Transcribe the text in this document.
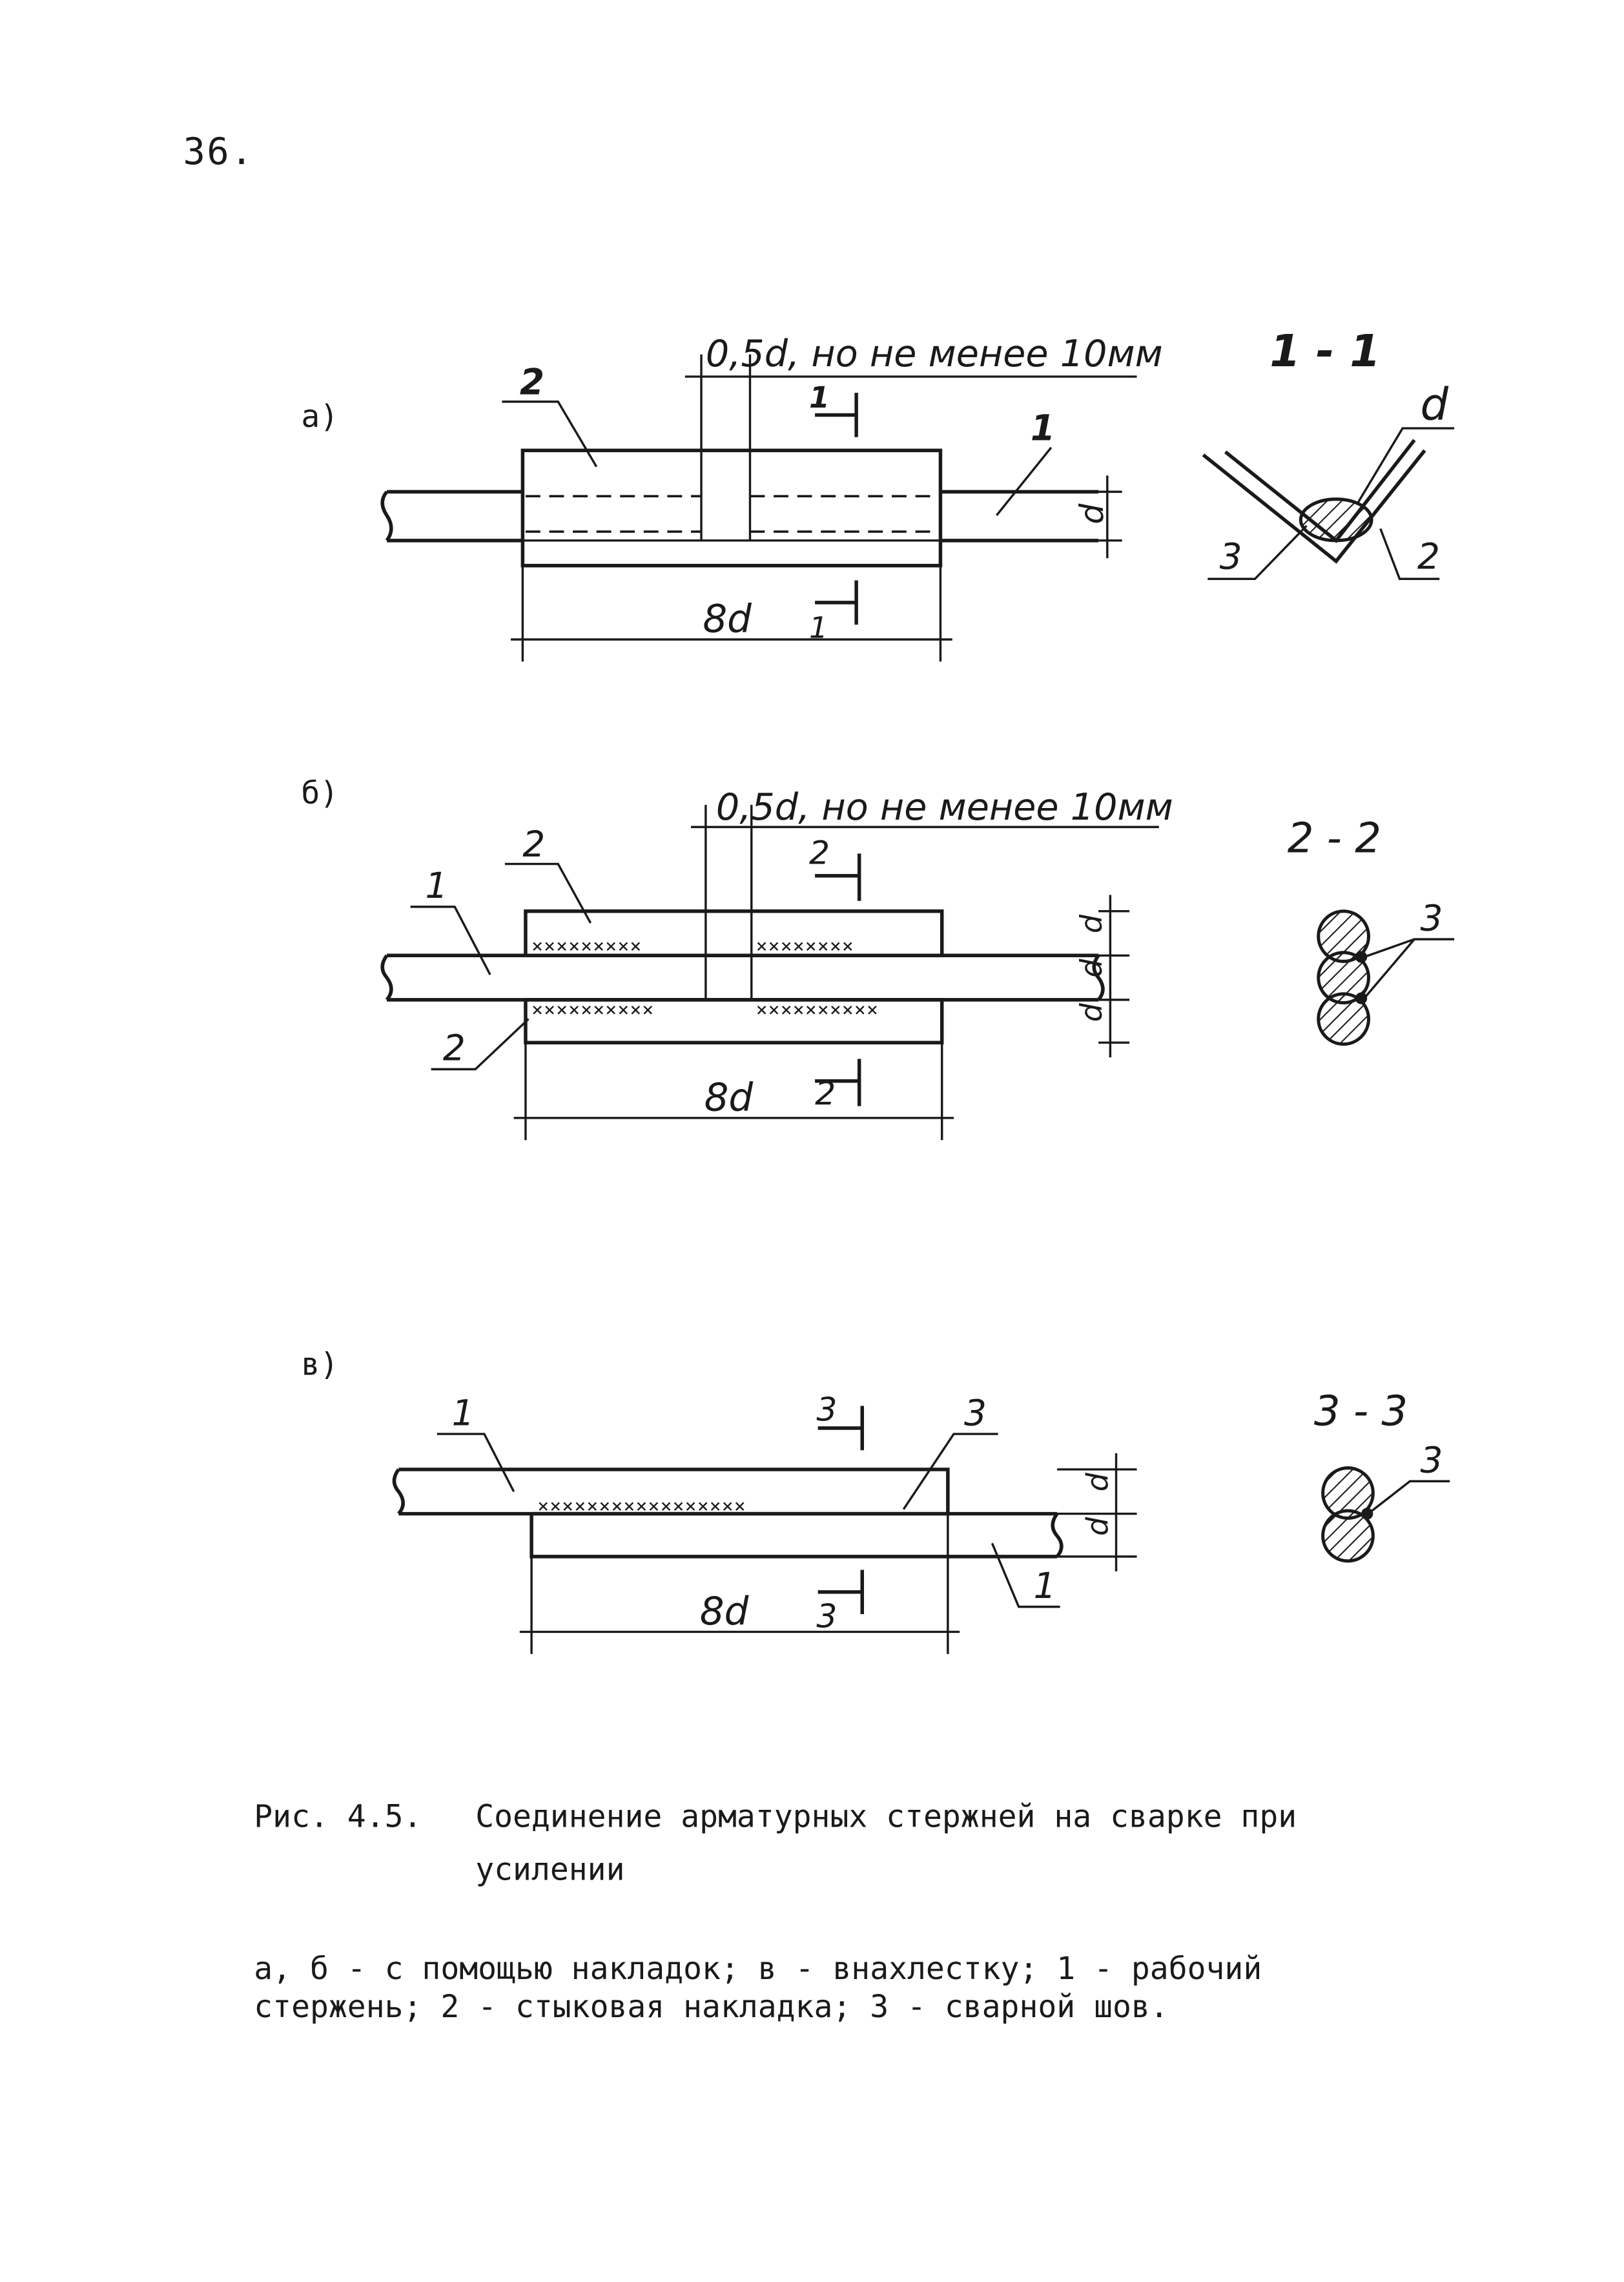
36.
а)
б)
в)
0,5d, но не менее 10мм
2
1
d
1
1
8d
1 - 1
d
3	2
0,5d, но не менее 10мм
×××××××××	××××××××
××××××××××	××××××××××
2
1
2
d
d
d
2
2
8d
2 - 2
3
×××××××××××××××××
1	3
1
d
d
3
3
8d
3 - 3
3
Рис. 4.5.	Соединение арматурных стержней на сварке при
усилении
а, б - с помощью накладок; в - внахлестку; 1 - рабочий
стержень; 2 - стыковая накладка; 3 - сварной шов.
